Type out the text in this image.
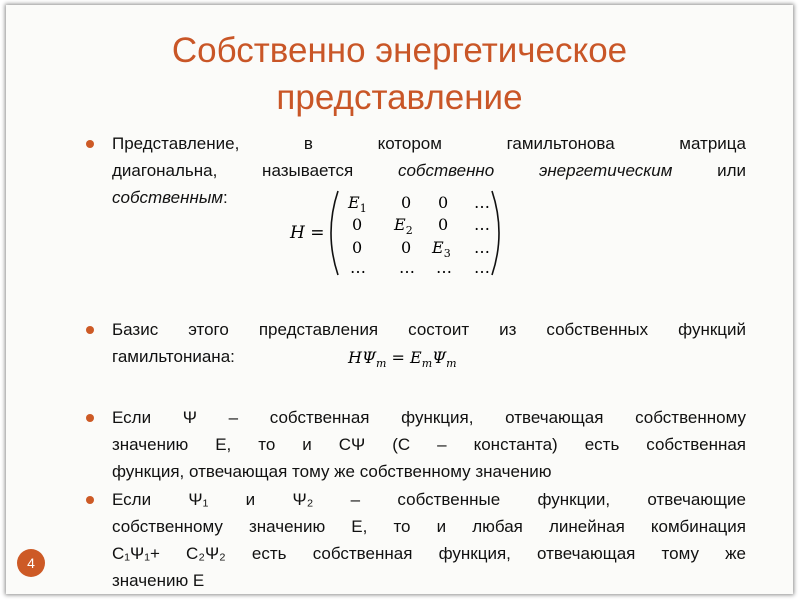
Собственно энергетическое
представление
Представление, в котором гамильтонова матрица
диагональна, называется собственно энергетическим или
собственным:
H =
$E_1$ 0 0 …
0 $E_2$ 0 …
0 0 $E_3$ …
… … … …
Базис этого представления состоит из собственных функций
гамильтониана:	$H\Psi_m = E_m\Psi_m$
Если Ψ – собственная функция, отвечающая собственному
значению Е, то и СΨ (С – константа) есть собственная
функция, отвечающая тому же собственному значению
Если Ψ₁ и Ψ₂ – собственные функции, отвечающие
собственному значению Е, то и любая линейная комбинация
С₁Ψ₁+ С₂Ψ₂ есть собственная функция, отвечающая тому же
значению Е
4
